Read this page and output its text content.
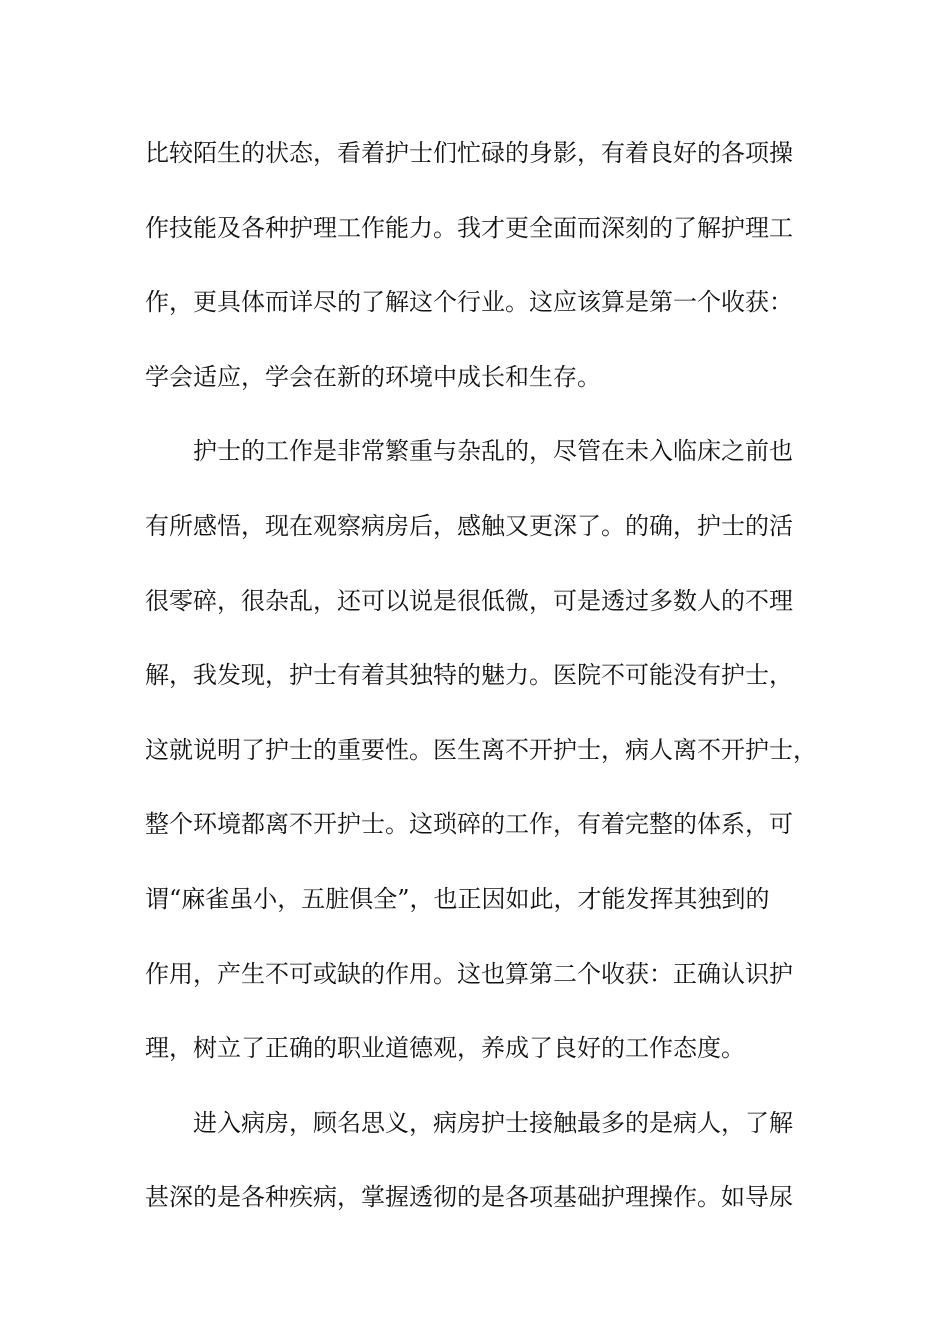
比较陌生的状态，看着护士们忙碌的身影，有着良好的各项操
作技能及各种护理工作能力。我才更全面而深刻的了解护理工
作，更具体而详尽的了解这个行业。这应该算是第一个收获：
学会适应，学会在新的环境中成长和生存。
护士的工作是非常繁重与杂乱的，尽管在未入临床之前也
有所感悟，现在观察病房后，感触又更深了。的确，护士的活
很零碎，很杂乱，还可以说是很低微，可是透过多数人的不理
解，我发现，护士有着其独特的魅力。医院不可能没有护士，
这就说明了护士的重要性。医生离不开护士，病人离不开护士，
整个环境都离不开护士。这琐碎的工作，有着完整的体系，可
谓“麻雀虽小，五脏俱全”，也正因如此，才能发挥其独到的
作用，产生不可或缺的作用。这也算第二个收获：正确认识护
理，树立了正确的职业道德观，养成了良好的工作态度。
进入病房，顾名思义，病房护士接触最多的是病人，了解
甚深的是各种疾病，掌握透彻的是各项基础护理操作。如导尿
